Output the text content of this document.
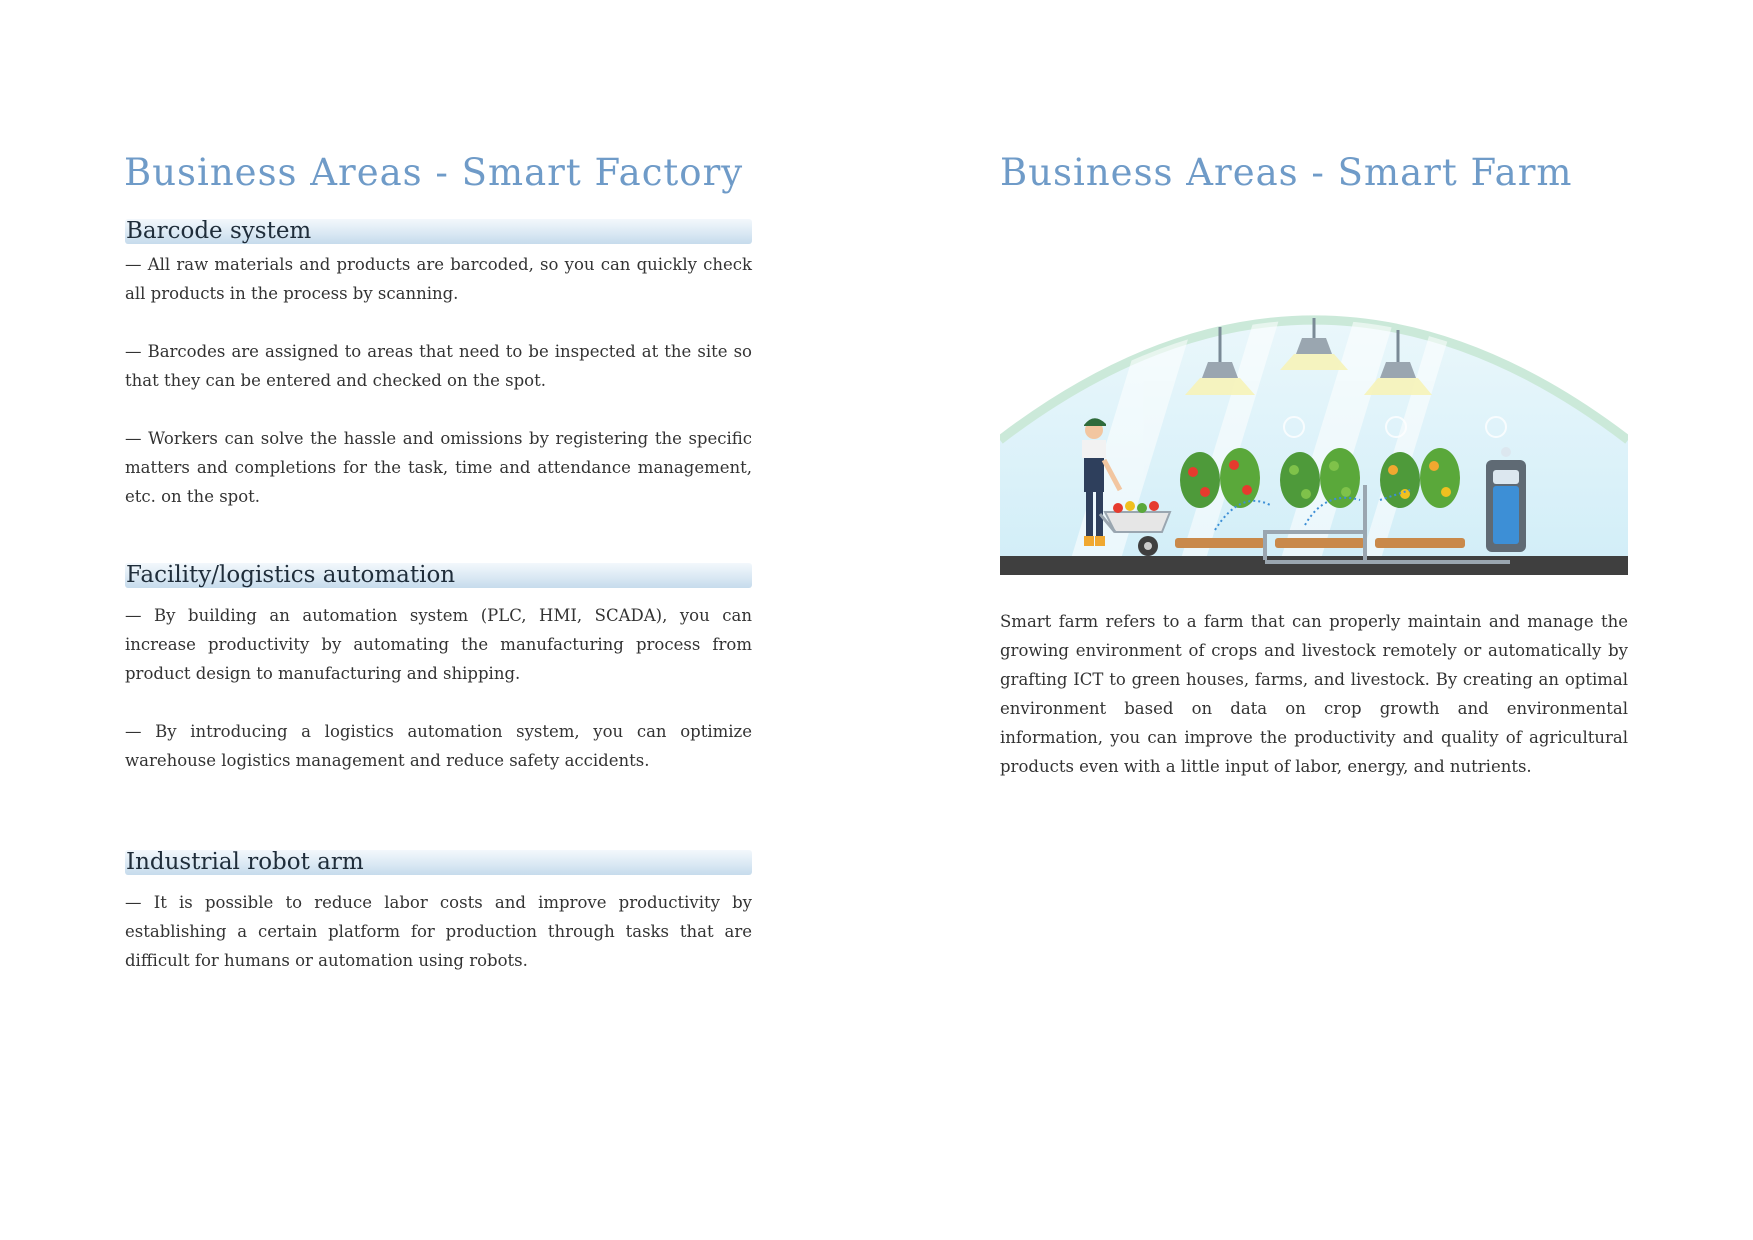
Business Areas - Smart Factory
Barcode system

— All raw materials and products are barcoded, so you can quickly check all products in the process by scanning.

— Barcodes are assigned to areas that need to be inspected at the site so that they can be entered and checked on the spot.

— Workers can solve the hassle and omissions by registering the specific matters and completions for the task, time and attendance management, etc. on the spot.

Facility/logistics automation

— By building an automation system (PLC, HMI, SCADA), you can increase productivity by automating the manufacturing process from product design to manufacturing and shipping.

— By introducing a logistics automation system, you can optimize warehouse logistics management and reduce safety accidents.

Industrial robot arm

— It is possible to reduce labor costs and improve productivity by establishing a certain platform for production through tasks that are difficult for humans or automation using robots.

Business Areas - Smart Farm

Smart farm refers to a farm that can properly maintain and manage the growing environment of crops and livestock remotely or automatically by grafting ICT to green houses, farms, and livestock. By creating an optimal environment based on data on crop growth and environmental information, you can improve the productivity and quality of agricultural products even with a little input of labor, energy, and nutrients.
